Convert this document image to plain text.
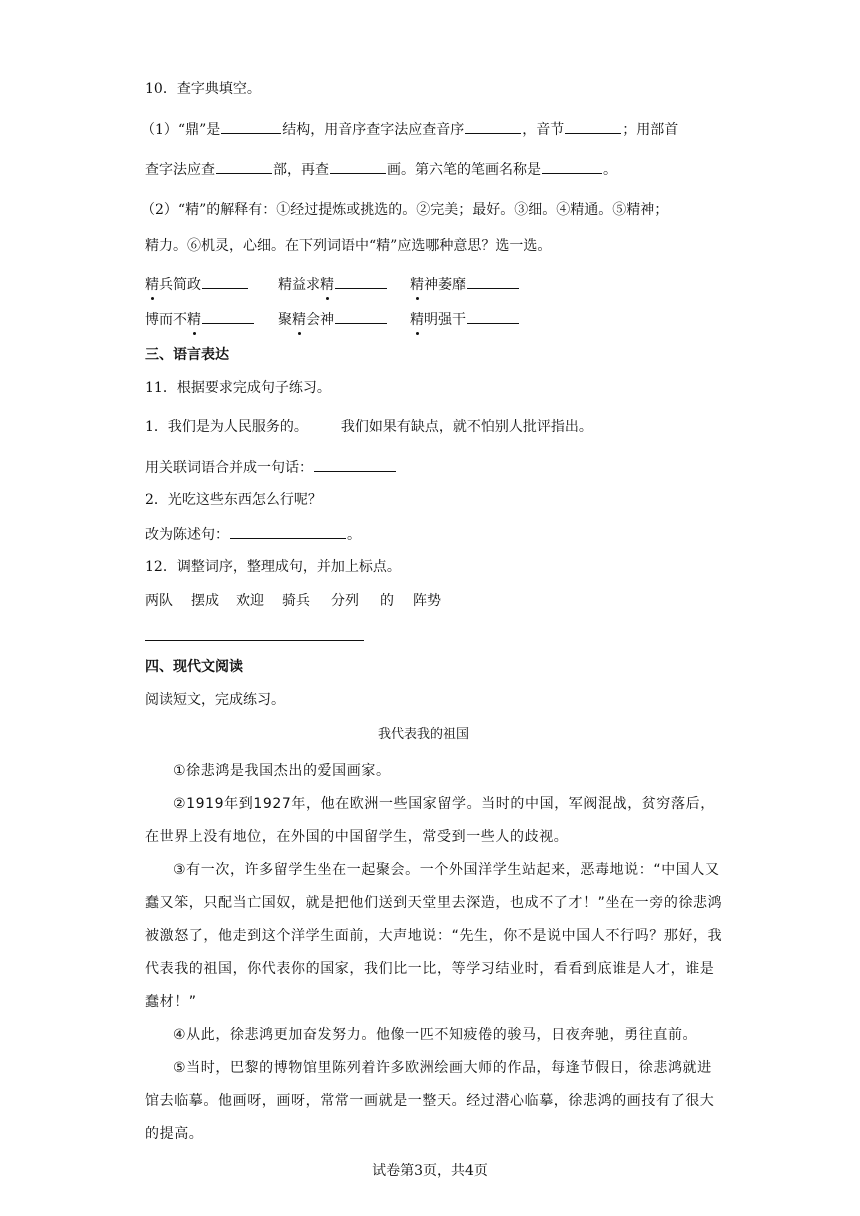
10．查字典填空。
（1）“鼎”是	结构，用音序查字法应查音序	，音节	；用部首
查字法应查	部，再查	画。第六笔的笔画名称是	。
（2）“精”的解释有：①经过提炼或挑选的。②完美；最好。③细。④精通。⑤精神；
精力。⑥机灵，心细。在下列词语中“精”应选哪种意思？选一选。
精兵简政	精益求精	精神萎靡
博而不精	聚精会神	精明强干
三、语言表达
11．根据要求完成句子练习。
1．我们是为人民服务的。 我们如果有缺点，就不怕别人批评指出。
用关联词语合并成一句话：
2．光吃这些东西怎么行呢？
改为陈述句：	。
12．调整词序，整理成句，并加上标点。
两队 摆成 欢迎 骑兵 分列 的 阵势
四、现代文阅读
阅读短文，完成练习。
我代表我的祖国
①徐悲鸿是我国杰出的爱国画家。
②1919年到1927年，他在欧洲一些国家留学。当时的中国，军阀混战，贫穷落后，在世界上没有地位，在外国的中国留学生，常受到一些人的歧视。
③有一次，许多留学生坐在一起聚会。一个外国洋学生站起来，恶毒地说：“中国人又蠢又笨，只配当亡国奴，就是把他们送到天堂里去深造，也成不了才！”坐在一旁的徐悲鸿被激怒了，他走到这个洋学生面前，大声地说：“先生，你不是说中国人不行吗？那好，我代表我的祖国，你代表你的国家，我们比一比，等学习结业时，看看到底谁是人才，谁是蠢材！”
④从此，徐悲鸿更加奋发努力。他像一匹不知疲倦的骏马，日夜奔驰，勇往直前。
⑤当时，巴黎的博物馆里陈列着许多欧洲绘画大师的作品，每逢节假日，徐悲鸿就进馆去临摹。他画呀，画呀，常常一画就是一整天。经过潜心临摹，徐悲鸿的画技有了很大的提高。
试卷第3页，共4页
